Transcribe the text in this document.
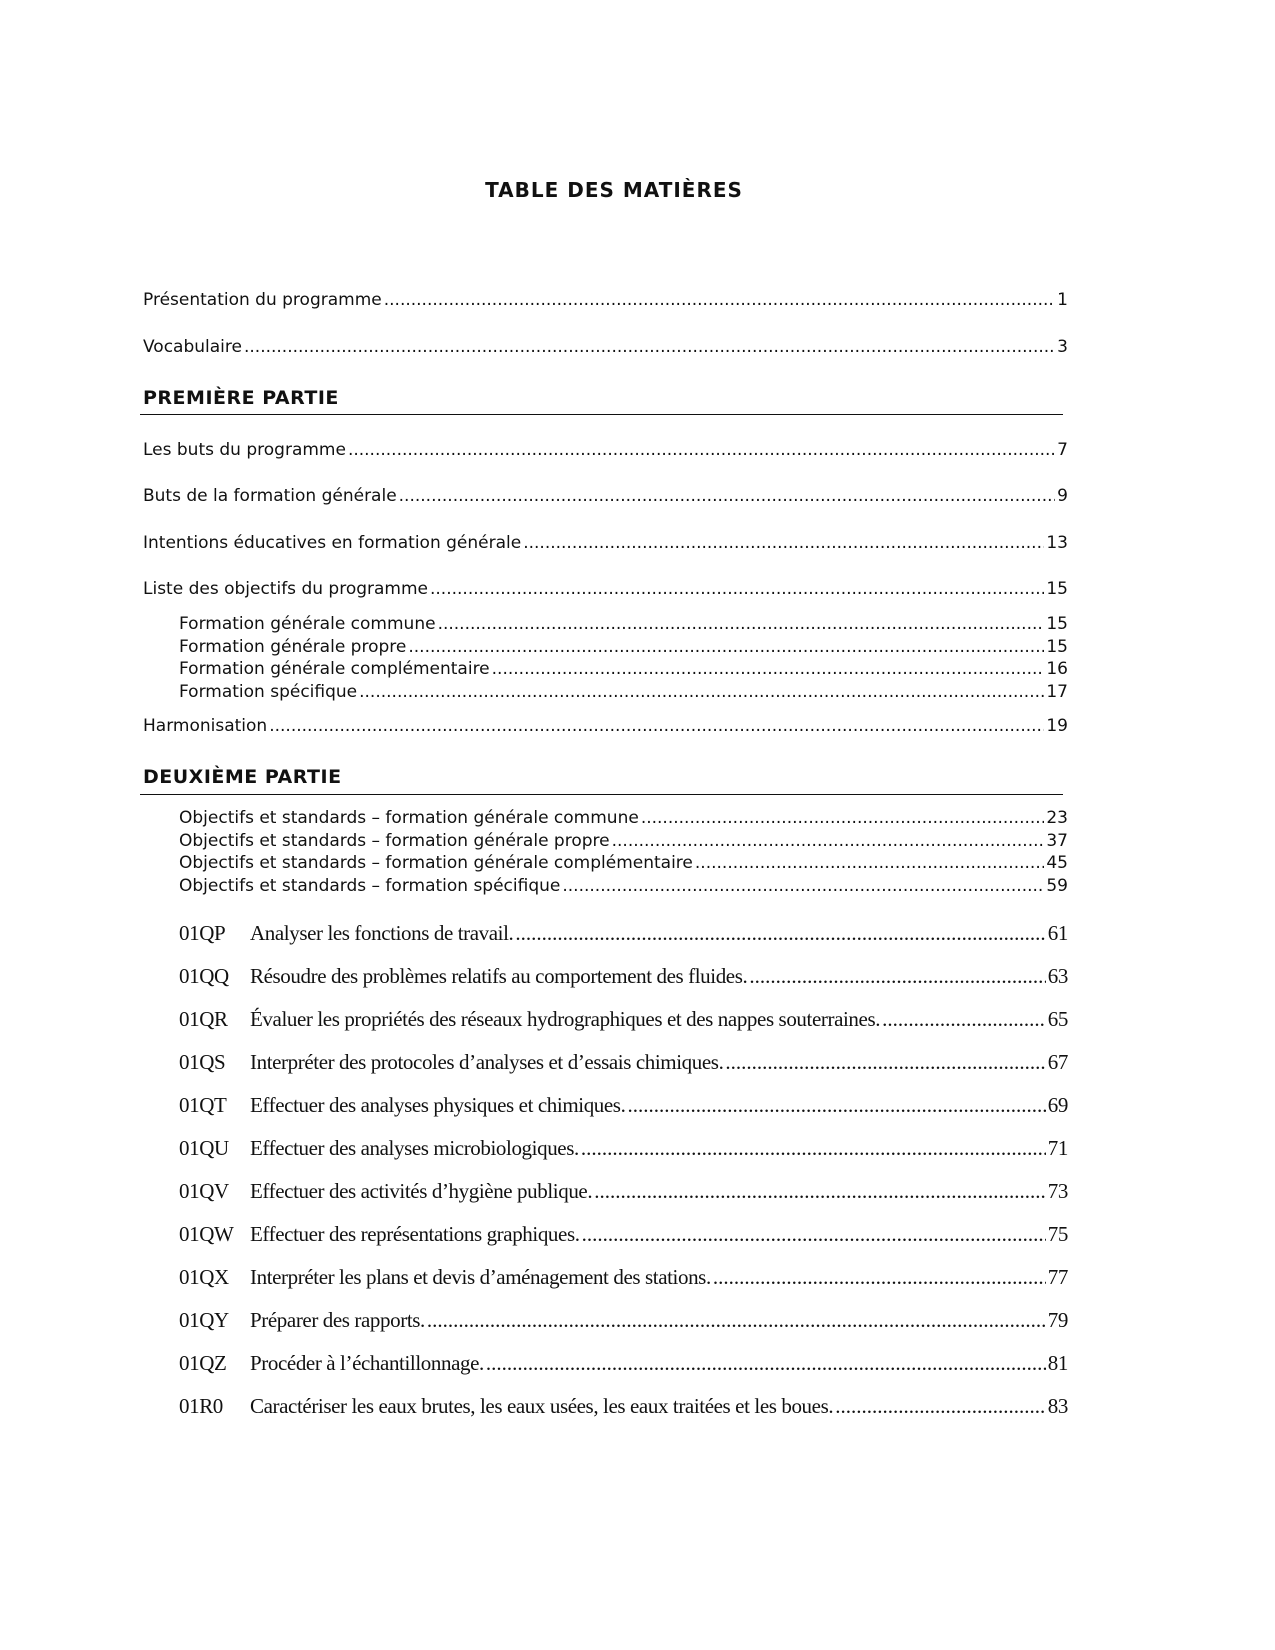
TABLE DES MATIÈRES
PREMIÈRE PARTIE
DEUXIÈME PARTIE
Présentation du programme .....	1
Vocabulaire .....	3
Les buts du programme .....	7
Buts de la formation générale .....	9
Intentions éducatives en formation générale .....	13
Liste des objectifs du programme .....	15
Formation générale commune .....	15
Formation générale propre .....	15
Formation générale complémentaire .....	16
Formation spécifique .....	17
Harmonisation .....	19
Objectifs et standards – formation générale commune .....	23
Objectifs et standards – formation générale propre .....	37
Objectifs et standards – formation générale complémentaire .....	45
Objectifs et standards – formation spécifique .....	59
01QP	Analyser les fonctions de travail. .....	61
01QQ	Résoudre des problèmes relatifs au comportement des fluides. .....	63
01QR	Évaluer les propriétés des réseaux hydrographiques et des nappes souterraines. .....	65
01QS	Interpréter des protocoles d’analyses et d’essais chimiques. .....	67
01QT	Effectuer des analyses physiques et chimiques. .....	69
01QU	Effectuer des analyses microbiologiques. .....	71
01QV	Effectuer des activités d’hygiène publique. .....	73
01QW Effectuer des représentations graphiques. .....	75
01QX	Interpréter les plans et devis d’aménagement des stations. .....	77
01QY	Préparer des rapports. .....	79
01QZ	Procéder à l’échantillonnage. .....	81
01R0	Caractériser les eaux brutes, les eaux usées, les eaux traitées et les boues. .....	83
